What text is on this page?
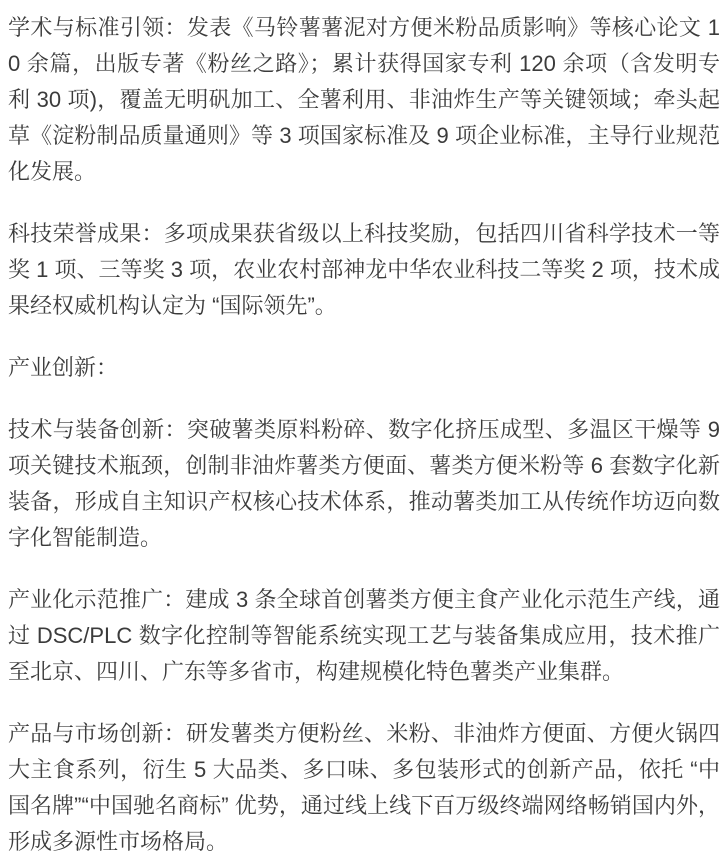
学术与标准引领：发表《马铃薯薯泥对方便米粉品质影响》等核心论文 10 余篇，出版专著《粉丝之路》；累计获得国家专利 120 余项（含发明专利 30 项)，覆盖无明矾加工、全薯利用、非油炸生产等关键领域；牵头起草《淀粉制品质量通则》等 3 项国家标准及 9 项企业标准，主导行业规范化发展。

科技荣誉成果：多项成果获省级以上科技奖励，包括四川省科学技术一等奖 1 项、三等奖 3 项，农业农村部神龙中华农业科技二等奖 2 项，技术成果经权威机构认定为 “国际领先”。

产业创新：

技术与装备创新：突破薯类原料粉碎、数字化挤压成型、多温区干燥等 9 项关键技术瓶颈，创制非油炸薯类方便面、薯类方便米粉等 6 套数字化新装备，形成自主知识产权核心技术体系，推动薯类加工从传统作坊迈向数字化智能制造。

产业化示范推广：建成 3 条全球首创薯类方便主食产业化示范生产线，通过 DSC/PLC 数字化控制等智能系统实现工艺与装备集成应用，技术推广至北京、四川、广东等多省市，构建规模化特色薯类产业集群。

产品与市场创新：研发薯类方便粉丝、米粉、非油炸方便面、方便火锅四大主食系列，衍生 5 大品类、多口味、多包装形式的创新产品，依托 “中国名牌”“中国驰名商标” 优势，通过线上线下百万级终端网络畅销国内外，形成多源性市场格局。
